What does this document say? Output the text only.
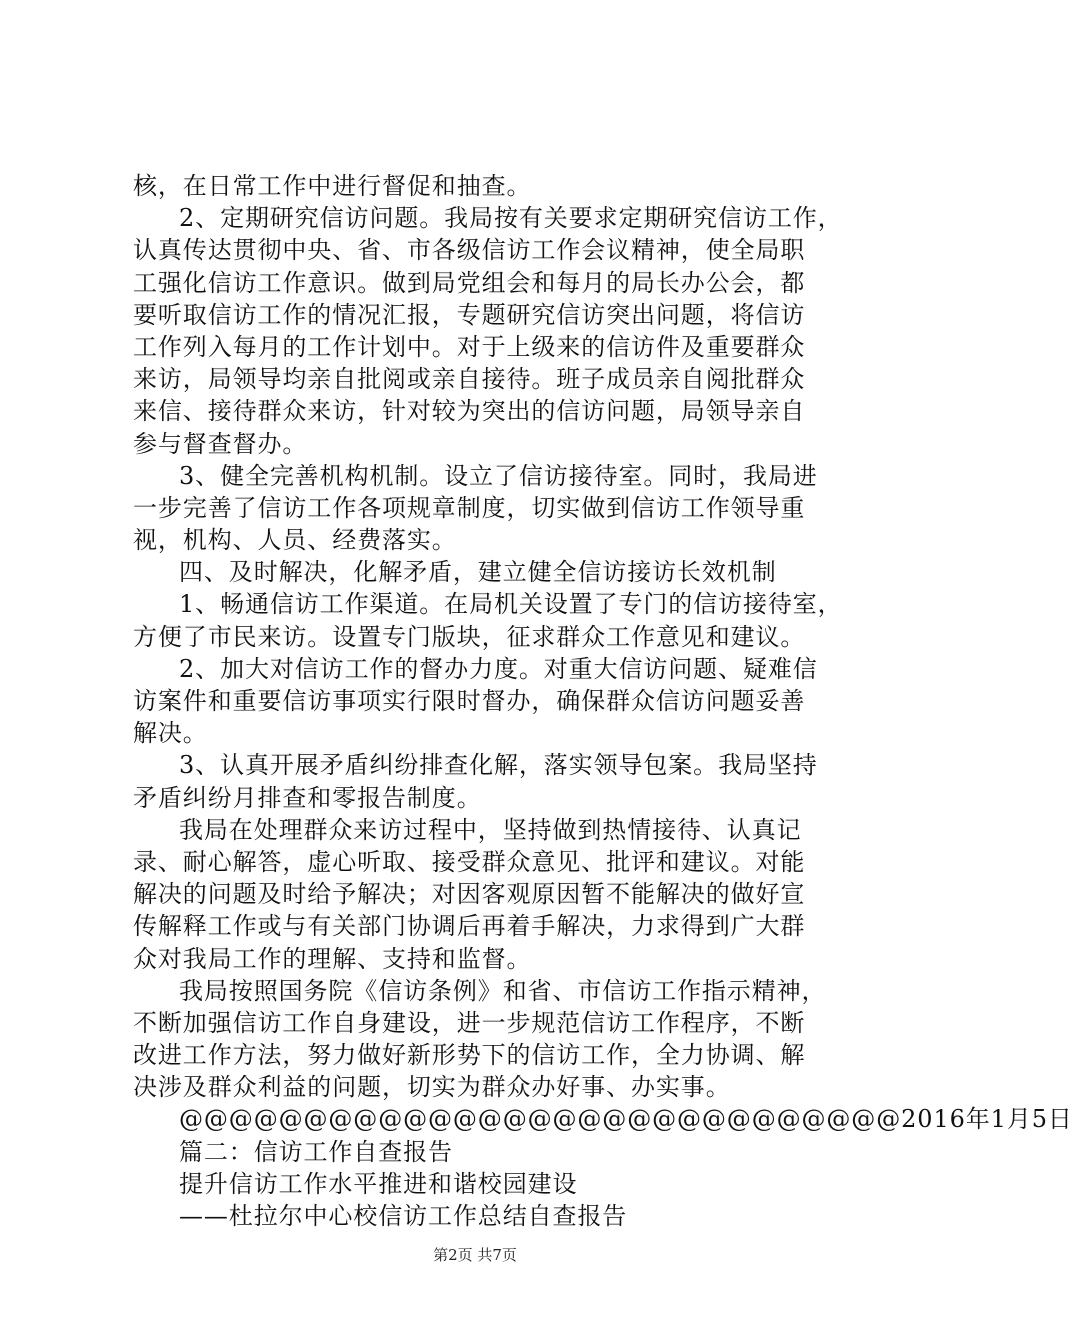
核，在日常工作中进行督促和抽查。
2、定期研究信访问题。我局按有关要求定期研究信访工作，
认真传达贯彻中央、省、市各级信访工作会议精神，使全局职
工强化信访工作意识。做到局党组会和每月的局长办公会，都
要听取信访工作的情况汇报，专题研究信访突出问题，将信访
工作列入每月的工作计划中。对于上级来的信访件及重要群众
来访，局领导均亲自批阅或亲自接待。班子成员亲自阅批群众
来信、接待群众来访，针对较为突出的信访问题，局领导亲自
参与督查督办。
3、健全完善机构机制。设立了信访接待室。同时，我局进
一步完善了信访工作各项规章制度，切实做到信访工作领导重
视，机构、人员、经费落实。
四、及时解决，化解矛盾，建立健全信访接访长效机制
1、畅通信访工作渠道。在局机关设置了专门的信访接待室，
方便了市民来访。设置专门版块，征求群众工作意见和建议。
2、加大对信访工作的督办力度。对重大信访问题、疑难信
访案件和重要信访事项实行限时督办，确保群众信访问题妥善
解决。
3、认真开展矛盾纠纷排查化解，落实领导包案。我局坚持
矛盾纠纷月排查和零报告制度。
我局在处理群众来访过程中，坚持做到热情接待、认真记
录、耐心解答，虚心听取、接受群众意见、批评和建议。对能
解决的问题及时给予解决；对因客观原因暂不能解决的做好宣
传解释工作或与有关部门协调后再着手解决，力求得到广大群
众对我局工作的理解、支持和监督。
我局按照国务院《信访条例》和省、市信访工作指示精神，
不断加强信访工作自身建设，进一步规范信访工作程序，不断
改进工作方法，努力做好新形势下的信访工作，全力协调、解
决涉及群众利益的问题，切实为群众办好事、办实事。
@@@@@@@@@@@@@@@@@@@@@@@@@@@@@2016年1月5日
篇二：信访工作自查报告
提升信访工作水平推进和谐校园建设
——杜拉尔中心校信访工作总结自查报告
第2页 共7页
